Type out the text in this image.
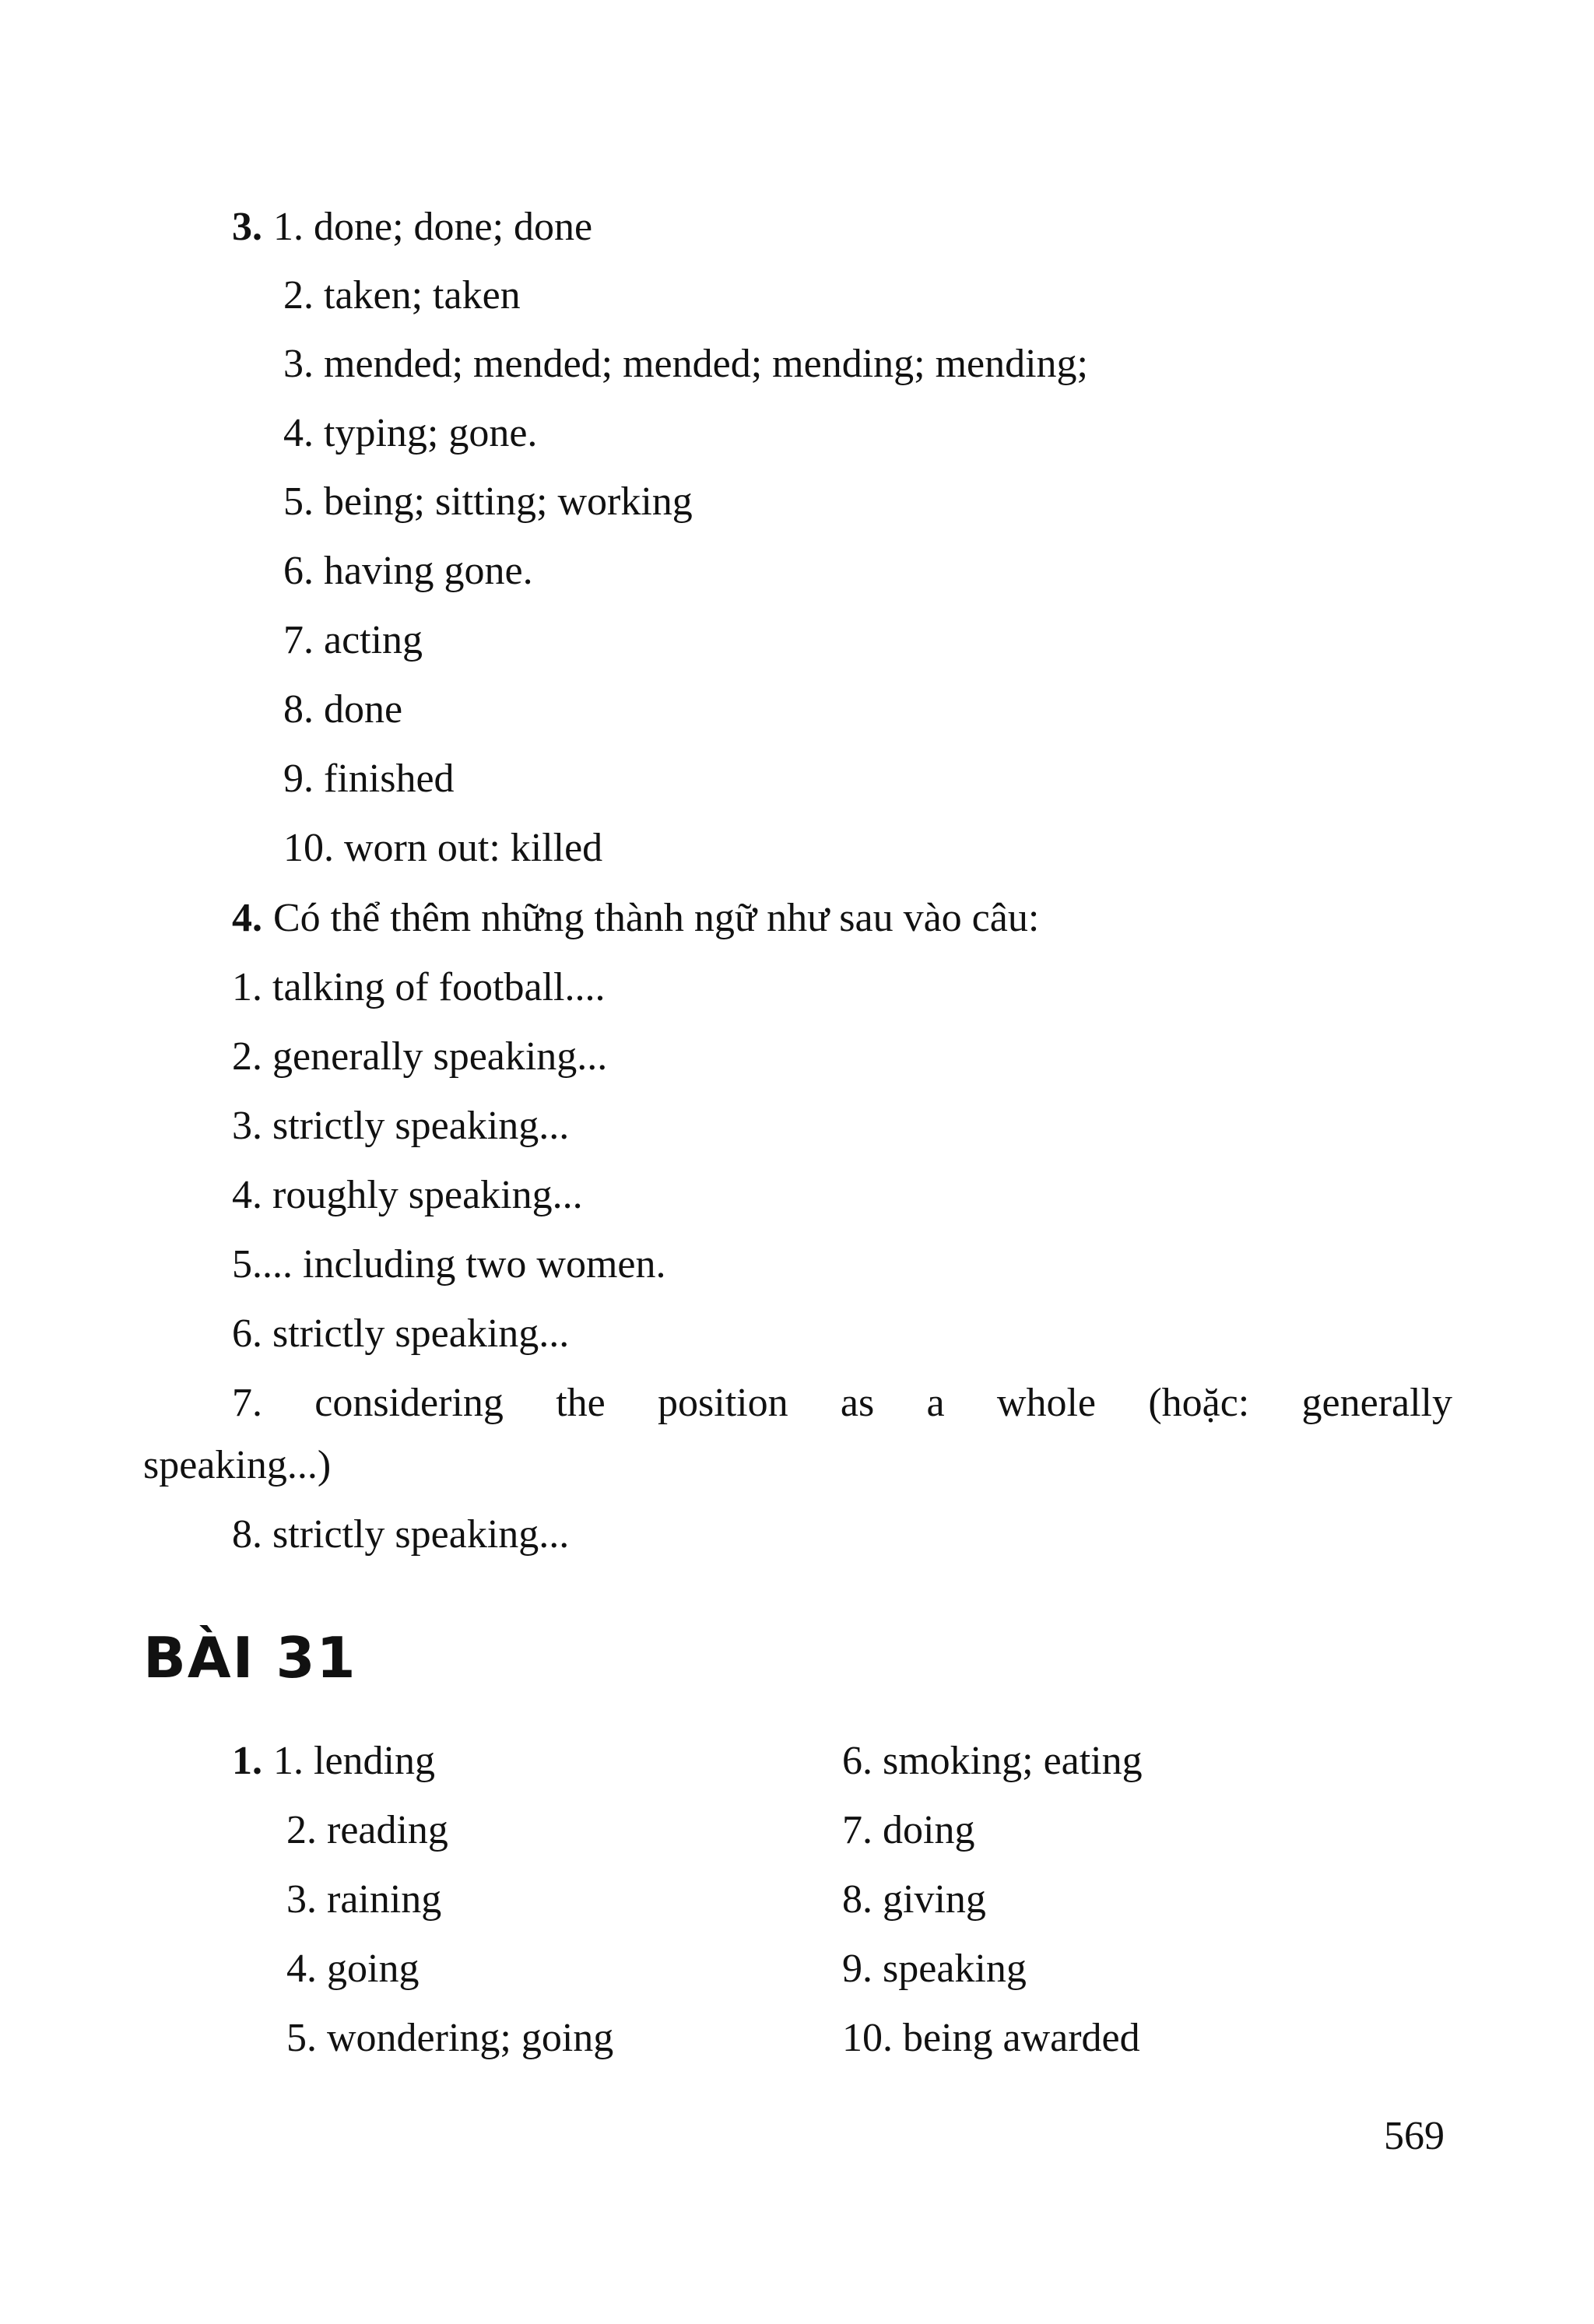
3. 1. done; done; done
2. taken; taken
3. mended; mended; mended; mending; mending;
4. typing; gone.
5. being; sitting; working
6. having gone.
7. acting
8. done
9. finished
10. worn out: killed
4. Có thể thêm những thành ngữ như sau vào câu:
1. talking of football....
2. generally speaking...
3. strictly speaking...
4. roughly speaking...
5.... including two women.
6. strictly speaking...
7. considering the position as a whole (hoặc: generally
speaking...)
8. strictly speaking...
BÀI 31
1. 1. lending
2. reading
3. raining
4. going
5. wondering; going
6. smoking; eating
7. doing
8. giving
9. speaking
10. being awarded
569
